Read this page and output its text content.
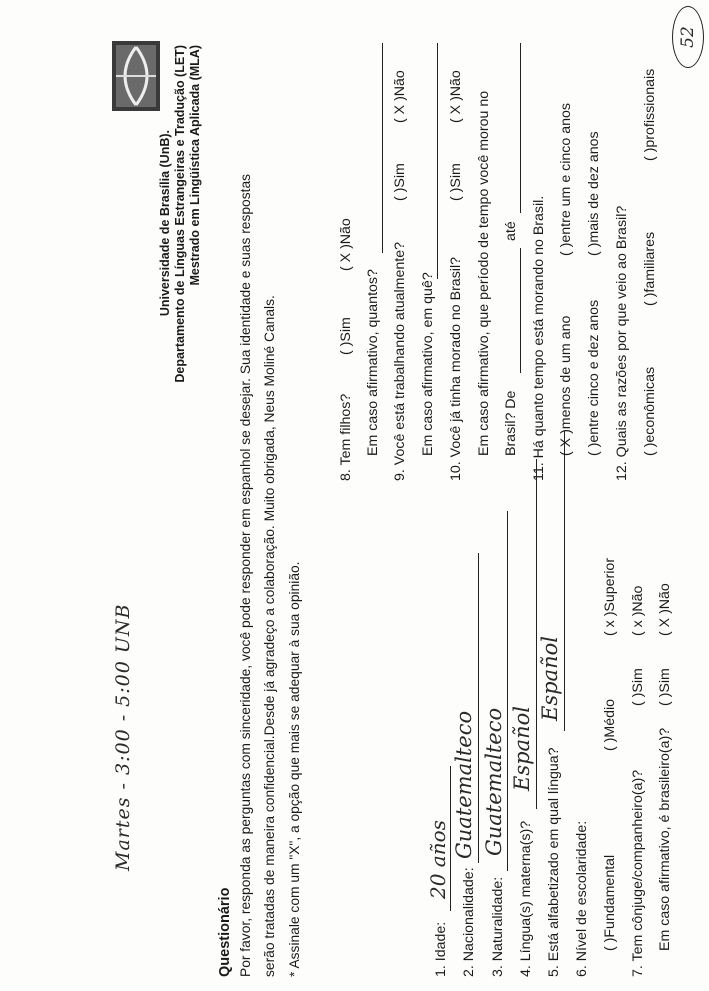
52
Universidade de Brasília (UnB). Departamento de Línguas Estrangeiras e Tradução (LET) Mestrado em Lingüística Aplicada (MLA)
Martes - 3:00 - 5:00 UNB
Questionário Por favor, responda as perguntas com sinceridade, você pode responder em espanhol se desejar. Sua identidade e suas respostas serão tratadas de maneira confidencial.Desde já agradeço a colaboração. Muito obrigada, Neus Moliné Canals. * Assinale com um "X", a opção que mais se adequar à sua opinião.	1. Idade:
20 años
2. Nacionalidade:
Guatemalteco
3. Naturalidade:
Guatemalteco
4. Língua(s) materna(s)?
Español 5. Está alfabetizado em qual língua?
Español
6. Nível de escolaridade: ( )Fundamental
( )Médio
( x )Superior
7. Tem cônjuge/companheiro(a)?
( )Sim
( x )Não
Em caso afirmativo, é brasileiro(a)?
( )Sim
( X )Não
8. Tem filhos?
( )Sim
( X )Não
Em caso afirmativo, quantos? 9. Você está trabalhando atualmente?
( )Sim
( X )Não
Em caso afirmativo, em quê? 10. Você já tinha morado no Brasil?
( )Sim
( X )Não Em caso afirmativo, que período de tempo você morou no Brasil? De
até 11. Há quanto tempo está morando no Brasil. ( X )menos de um ano
( )entre um e cinco anos
( )entre cinco e dez anos
( )mais de dez anos
12. Quais as razões por que veio ao Brasil? ( )econômicas
( )familiares
( )profissionais
